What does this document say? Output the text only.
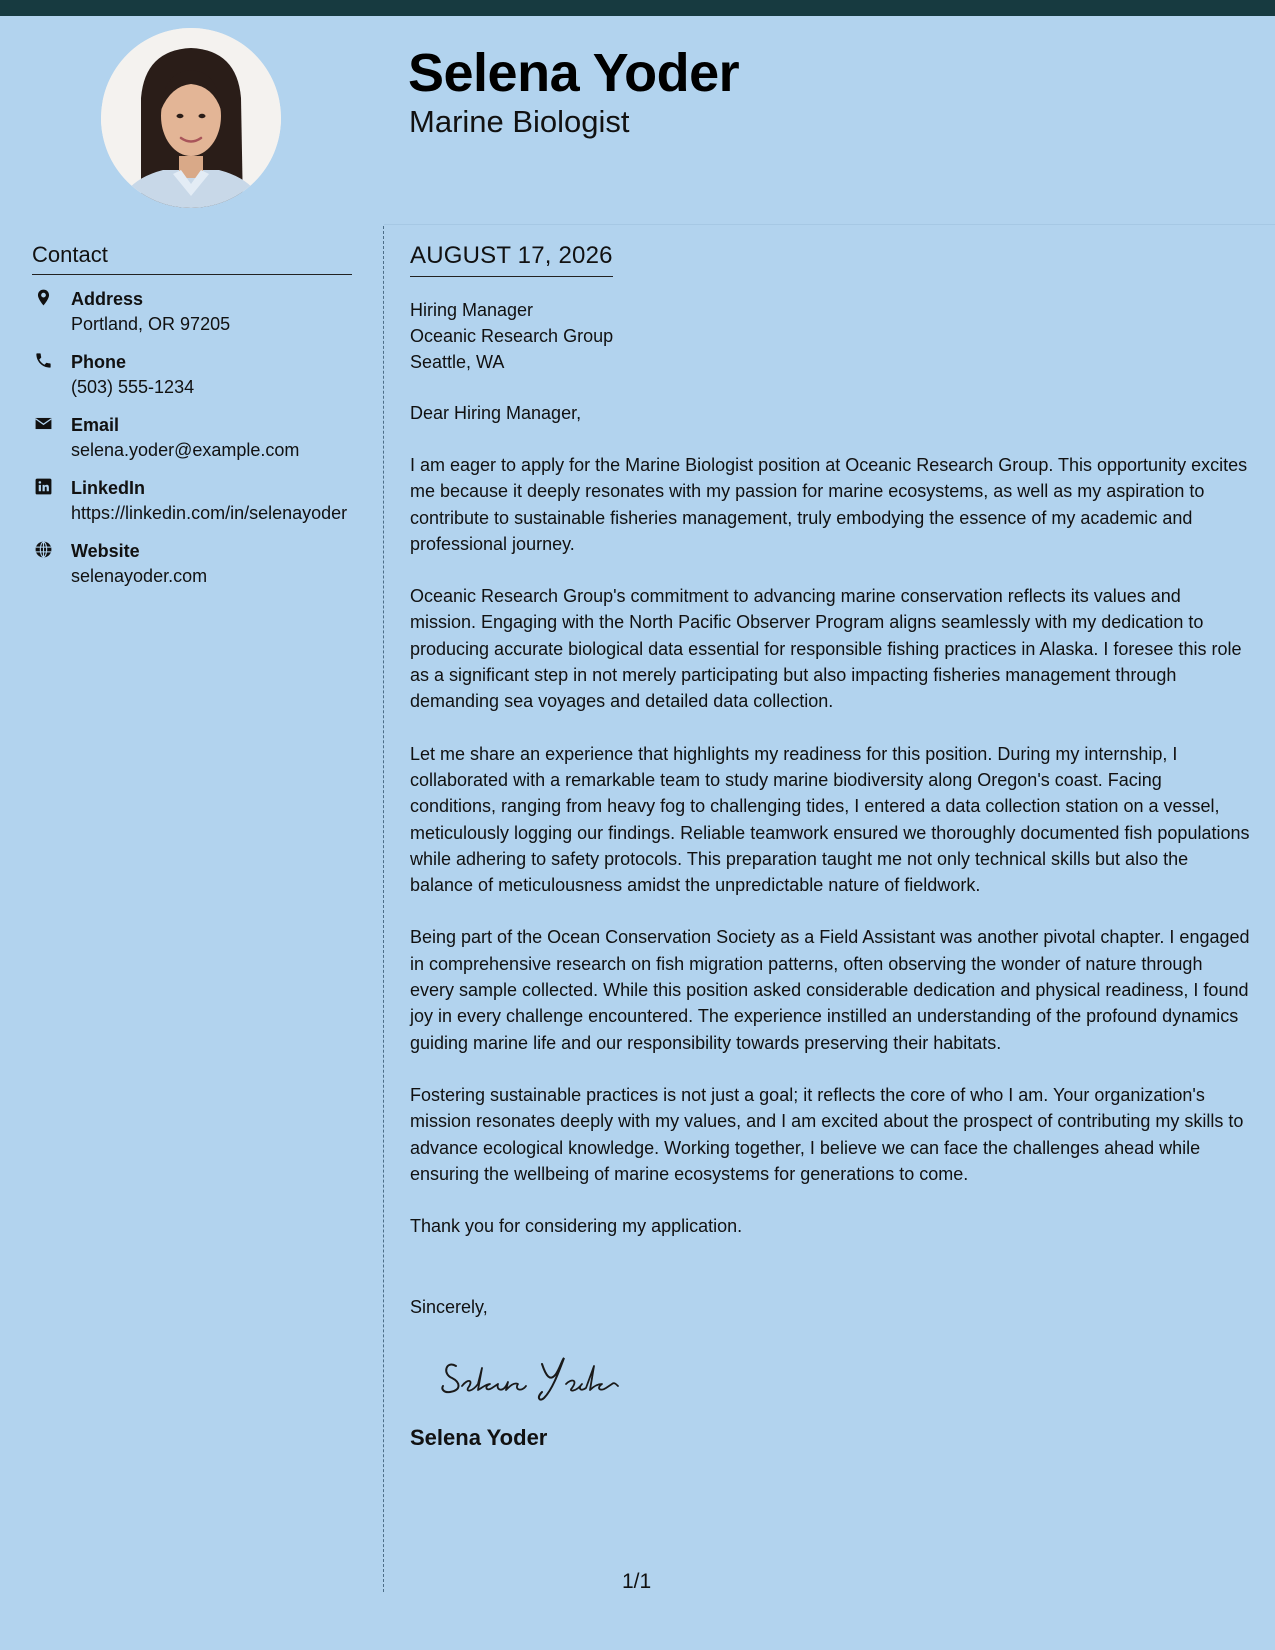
Selena Yoder
Marine Biologist
Contact
Address
Portland, OR 97205
Phone
(503) 555-1234
Email
selena.yoder@example.com
LinkedIn
https://linkedin.com/in/selenayoder
Website
selenayoder.com
AUGUST 17, 2026
Hiring Manager
Oceanic Research Group
Seattle, WA
Dear Hiring Manager,

I am eager to apply for the Marine Biologist position at Oceanic Research Group. This opportunity excites me because it deeply resonates with my passion for marine ecosystems, as well as my aspiration to contribute to sustainable fisheries management, truly embodying the essence of my academic and professional journey.

Oceanic Research Group's commitment to advancing marine conservation reflects its values and mission. Engaging with the North Pacific Observer Program aligns seamlessly with my dedication to producing accurate biological data essential for responsible fishing practices in Alaska. I foresee this role as a significant step in not merely participating but also impacting fisheries management through demanding sea voyages and detailed data collection.

Let me share an experience that highlights my readiness for this position. During my internship, I collaborated with a remarkable team to study marine biodiversity along Oregon's coast. Facing conditions, ranging from heavy fog to challenging tides, I entered a data collection station on a vessel, meticulously logging our findings. Reliable teamwork ensured we thoroughly documented fish populations while adhering to safety protocols. This preparation taught me not only technical skills but also the balance of meticulousness amidst the unpredictable nature of fieldwork.

Being part of the Ocean Conservation Society as a Field Assistant was another pivotal chapter. I engaged in comprehensive research on fish migration patterns, often observing the wonder of nature through every sample collected. While this position asked considerable dedication and physical readiness, I found joy in every challenge encountered. The experience instilled an understanding of the profound dynamics guiding marine life and our responsibility towards preserving their habitats.

Fostering sustainable practices is not just a goal; it reflects the core of who I am. Your organization's mission resonates deeply with my values, and I am excited about the prospect of contributing my skills to advance ecological knowledge. Working together, I believe we can face the challenges ahead while ensuring the wellbeing of marine ecosystems for generations to come.

Thank you for considering my application.

Sincerely,
Selena Yoder
1/1
